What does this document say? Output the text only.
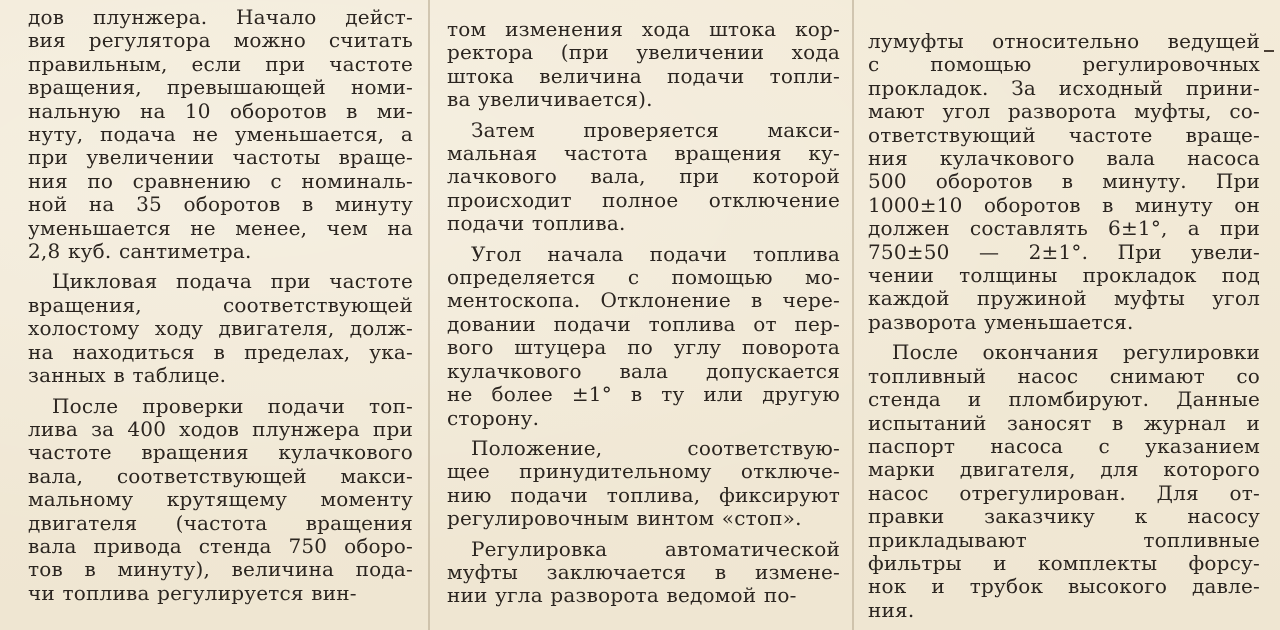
дов плунжера. Начало дейст-
вия регулятора можно считать
правильным, если при частоте
вращения, превышающей номи-
нальную на 10 оборотов в ми-
нуту, подача не уменьшается, а
при увеличении частоты враще-
ния по сравнению с номиналь-
ной на 35 оборотов в минуту
уменьшается не менее, чем на
2,8 куб. сантиметра.

Цикловая подача при частоте
вращения, соответствующей
холостому ходу двигателя, долж-
на находиться в пределах, ука-
занных в таблице.

После проверки подачи топ-
лива за 400 ходов плунжера при
частоте вращения кулачкового
вала, соответствующей макси-
мальному крутящему моменту
двигателя (частота вращения
вала привода стенда 750 оборо-
тов в минуту), величина пода-
чи топлива регулируется вин-

том изменения хода штока кор-
ректора (при увеличении хода
штока величина подачи топли-
ва увеличивается).

Затем проверяется макси-
мальная частота вращения ку-
лачкового вала, при которой
происходит полное отключение
подачи топлива.

Угол начала подачи топлива
определяется с помощью мо-
ментоскопа. Отклонение в чере-
довании подачи топлива от пер-
вого штуцера по углу поворота
кулачкового вала допускается
не более ±1° в ту или другую
сторону.

Положение, соответствую-
щее принудительному отключе-
нию подачи топлива, фиксируют
регулировочным винтом «стоп».

Регулировка автоматической
муфты заключается в измене-
нии угла разворота ведомой по-

лумуфты относительно ведущей
с помощью регулировочных
прокладок. За исходный прини-
мают угол разворота муфты, со-
ответствующий частоте враще-
ния кулачкового вала насоса
500 оборотов в минуту. При
1000±10 оборотов в минуту он
должен составлять 6±1°, а при
750±50 — 2±1°. При увели-
чении толщины прокладок под
каждой пружиной муфты угол
разворота уменьшается.

После окончания регулировки
топливный насос снимают со
стенда и пломбируют. Данные
испытаний заносят в журнал и
паспорт насоса с указанием
марки двигателя, для которого
насос отрегулирован. Для от-
правки заказчику к насосу
прикладывают топливные
фильтры и комплекты форсу-
нок и трубок высокого давле-
ния.
